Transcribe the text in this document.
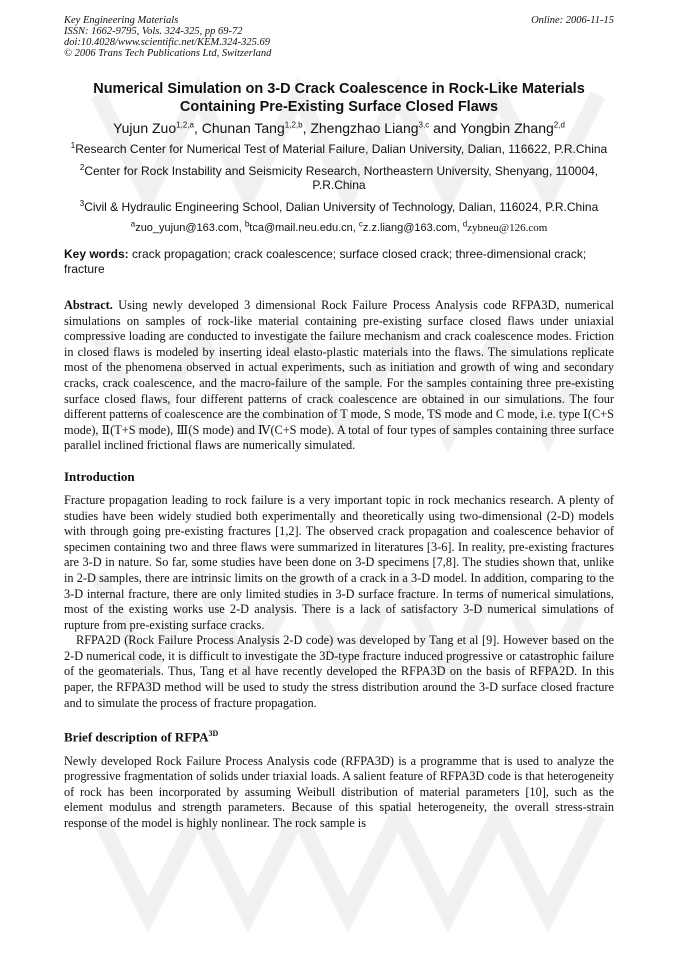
Key Engineering Materials
ISSN: 1662-9795, Vols. 324-325, pp 69-72
doi:10.4028/www.scientific.net/KEM.324-325.69
© 2006 Trans Tech Publications Ltd, Switzerland
Online: 2006-11-15
Numerical Simulation on 3-D Crack Coalescence in Rock-Like Materials
Containing Pre-Existing Surface Closed Flaws
Yujun Zuo$^{1,2,a}$, Chunan Tang$^{1,2,b}$, Zhengzhao Liang$^{3,c}$ and Yongbin Zhang$^{2,d}$
$^1$Research Center for Numerical Test of Material Failure, Dalian University, Dalian, 116622, P.R.China
$^2$Center for Rock Instability and Seismicity Research, Northeastern University, Shenyang, 110004, P.R.China
$^3$Civil & Hydraulic Engineering School, Dalian University of Technology, Dalian, 116024, P.R.China
$^a$zuo_yujun@163.com, $^b$tca@mail.neu.edu.cn, $^c$z.z.liang@163.com, $^d$zybneu@126.com
Key words: crack propagation; crack coalescence; surface closed crack; three-dimensional crack; fracture

Abstract. Using newly developed 3 dimensional Rock Failure Process Analysis code RFPA3D, numerical simulations on samples of rock-like material containing pre-existing surface closed flaws under uniaxial compressive loading are conducted to investigate the failure mechanism and crack coalescence modes. Friction in closed flaws is modeled by inserting ideal elasto-plastic materials into the flaws. The simulations replicate most of the phenomena observed in actual experiments, such as initiation and growth of wing and secondary cracks, crack coalescence, and the macro-failure of the sample. For the samples containing three pre-existing surface closed flaws, four different patterns of crack coalescence are obtained in our simulations. The four different patterns of coalescence are the combination of T mode, S mode, TS mode and C mode, i.e. type Ⅰ(C+S mode), Ⅱ(T+S mode), Ⅲ(S mode) and Ⅳ(C+S mode). A total of four types of samples containing three surface parallel inclined frictional flaws are numerically simulated.

Introduction

Fracture propagation leading to rock failure is a very important topic in rock mechanics research. A plenty of studies have been widely studied both experimentally and theoretically using two-dimensional (2-D) models with through going pre-existing fractures [1,2]. The observed crack propagation and coalescence behavior of specimen containing two and three flaws were summarized in literatures [3-6]. In reality, pre-existing fractures are 3-D in nature. So far, some studies have been done on 3-D specimens [7,8]. The studies shown that, unlike in 2-D samples, there are intrinsic limits on the growth of a crack in a 3-D model. In addition, comparing to the 3-D internal fracture, there are only limited studies in 3-D surface fracture. In terms of numerical simulations, most of the existing works use 2-D analysis. There is a lack of satisfactory 3-D numerical simulations of rupture from pre-existing surface cracks.

RFPA2D (Rock Failure Process Analysis 2-D code) was developed by Tang et al [9]. However based on the 2-D numerical code, it is difficult to investigate the 3D-type fracture induced progressive or catastrophic failure of the geomaterials. Thus, Tang et al have recently developed the RFPA3D on the basis of RFPA2D. In this paper, the RFPA3D method will be used to study the stress distribution around the 3-D surface closed fracture and to simulate the process of fracture propagation.

Brief description of $RFPA^{3D}$

Newly developed Rock Failure Process Analysis code (RFPA3D) is a programme that is used to analyze the progressive fragmentation of solids under triaxial loads. A salient feature of RFPA3D code is that heterogeneity of rock has been incorporated by assuming Weibull distribution of material parameters [10], such as the element modulus and strength parameters. Because of this spatial heterogeneity, the overall stress-strain response of the model is highly nonlinear. The rock sample is
